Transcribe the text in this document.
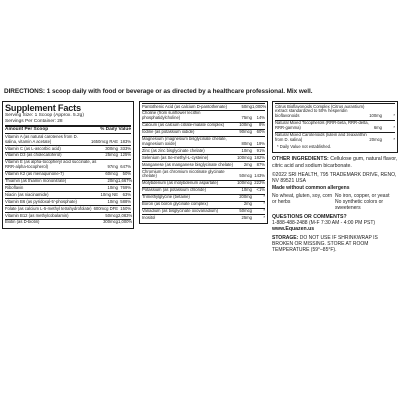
DIRECTIONS: 1 scoop daily with food or beverage or as directed by a healthcare professional. Mix well.
Supplement Facts
Serving Size: 1 Scoop (Approx. 5.2g)
Servings Per Container: 28
Amount Per Scoop	% Daily Value
Vitamin A (as natural carotenes from D. salina, vitamin A acetate)	1650mcg RAE 183%
Vitamin C (as L-ascorbic acid)	300mg 333%
Vitamin D3 (as cholecalciferol)	25mcg 125%
Vitamin E (as alpha-tocopheryl acid succinate, as RRR-alpha-tocopherol)	97mg 647%
Vitamin K2 (as menaquinone-7)	60mcg	50%
Thiamin (as thiamin mononitrate)	20mg 1,667%
Riboflavin	10mg 769%
Niacin (as niacinamide)	10mg NE	63%
Vitamin B6 (as pyridoxal-5'-phosphate)	10mg 588%
Folate (as calcium L-5-methyl tetrahydrofolate) 600mcg DFE 150%
Vitamin B12 (as methylcobalamin)	50mcg 2,083%
Biotin (as D-biotin)	300mcg 1,000%
Pantothenic Acid (as calcium D-pantothenate)	50mg 1,000%
Choline (from sunflower lecithin phosphatidylcholine)	75mg	14%
Calcium (as calcium citrate-malate complex)	100mg	8%
Iodine (as potassium iodide)	90mcg	60%
Magnesium (magnesium bisglycinate chelate, magnesium oxide)	80mg	19%
Zinc (as zinc bisglycinate chelate)	10mg	91%
Selenium (as Se-methyl-L-cysteine)	100mcg 182%
Manganese (as manganese bisglycinate chelate)	2mg	87%
Chromium (as chromium nicotinate glycinate chelate)	50mcg 143%
Molybdenum (as molybdenum aspartate)	100mcg 222%
Potassium (as potassium chloride)	10mg	<1%
Trimethylglycine (betaine)	200mg	*
Boron (as boron glycinate complex)	2mg	*
Vanadium (as bisglycinate oxovanadium)	50mcg	*
Inositol	25mg	*
Citrus Bioflavonoids Complex (Citrus aurantium) extract standardized to 50% hesperidin bioflavonoids	100mg	*
Natural Mixed Tocopherols (RRR-beta, RRR-delta, RRR-gamma)	6mg	*
Natural Mixed Carotenoids (lutein and zeaxanthin from D. salina)	20mcg	*
* Daily Value not established.
OTHER INGREDIENTS: Cellulose gum, natural flavor, citric acid and sodium bicarbonate.
©2022 SRI HEALTH, 795 TRADEMARK DRIVE, RENO, NV 89521 USA
Made without common allergens
No wheat, gluten, soy, corn or herbs
No iron, copper, or yeast
No synthetic colors or sweeteners
QUESTIONS OR COMMENTS?
1-888-488-2488 (M-F 7:30 AM - 4:00 PM PST)
www.Equazen.us
STORAGE: DO NOT USE IF SHRINKWRAP IS BROKEN OR MISSING. STORE AT ROOM TEMPERATURE (59°–85°F).
